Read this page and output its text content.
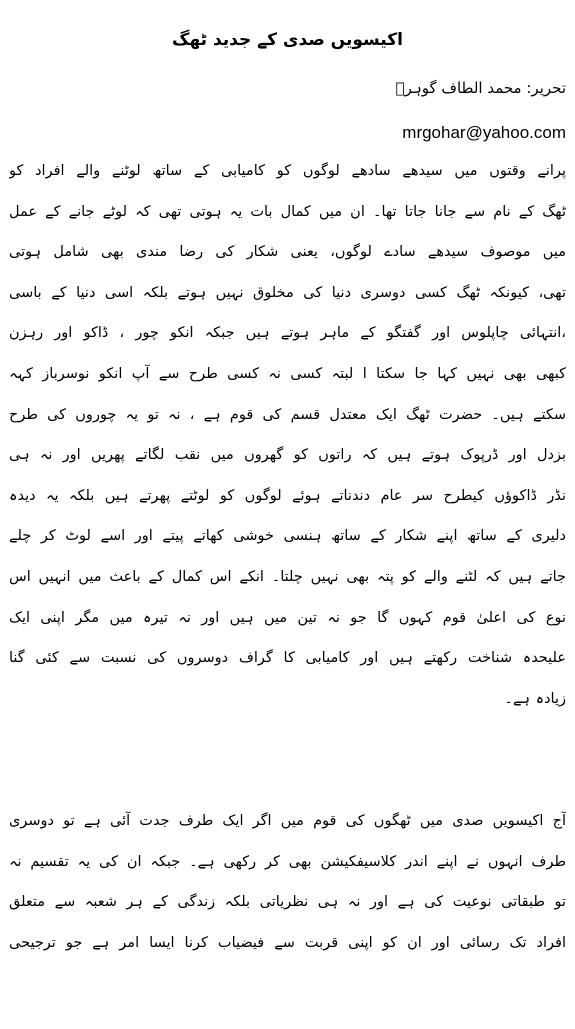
اکیسویں صدی کے جدید ٹھگ
تحریر: محمد الطاف گوہرؔ
mrgohar@yahoo.com
پرانے وقتوں میں سیدھے سادھے لوگوں کو کامیابی کے ساتھ لوٹنے والے افراد کو
ٹھگ کے نام سے جانا جاتا تھا۔ ان میں کمال بات یہ ہوتی تھی کہ لوٹے جانے کے عمل
میں موصوف سیدھے سادے لوگوں، یعنی شکار کی رضا مندی بھی شامل ہوتی
تھی، کیونکہ ٹھگ کسی دوسری دنیا کی مخلوق نہیں ہوتے بلکہ اسی دنیا کے باسی
،انتہائی چاپلوس اور گفتگو کے ماہر ہوتے ہیں جبکہ انکو چور ، ڈاکو اور رہزن
کبھی بھی نہیں کہا جا سکتا ا لبتہ کسی نہ کسی طرح سے آپ انکو نوسرباز کہہ
سکتے ہیں۔ حضرت ٹھگ ایک معتدل قسم کی قوم ہے ، نہ تو یہ چوروں کی طرح
بزدل اور ڈرپوک ہوتے ہیں کہ راتوں کو گھروں میں نقب لگاتے پھریں اور نہ ہی
نڈر ڈاکوؤں کیطرح سر عام دندناتے ہوئے لوگوں کو لوٹتے پھرتے ہیں بلکہ یہ دیدہ
دلیری کے ساتھ اپنے شکار کے ساتھ ہنسی خوشی کھاتے پیتے اور اسے لوٹ کر چلے
جاتے ہیں کہ لٹنے والے کو پتہ بھی نہیں چلتا۔ انکے اس کمال کے باعث میں انہیں اس
نوع کی اعلیٰ قوم کہوں گا جو نہ تین میں ہیں اور نہ تیرہ میں مگر اپنی ایک
علیحدہ شناخت رکھتے ہیں اور کامیابی کا گراف دوسروں کی نسبت سے کئی گنا
زیادہ ہے۔
آج اکیسویں صدی میں ٹھگوں کی قوم میں اگر ایک طرف جدت آئی ہے تو دوسری
طرف انہوں نے اپنے اندر کلاسیفکیشن بھی کر رکھی ہے۔ جبکہ ان کی یہ تقسیم نہ
تو طبقاتی نوعیت کی ہے اور نہ ہی نظریاتی بلکہ زندگی کے ہر شعبہ سے متعلق
افراد تک رسائی اور ان کو اپنی قربت سے فیضیاب کرنا ایسا امر ہے جو ترجیحی
